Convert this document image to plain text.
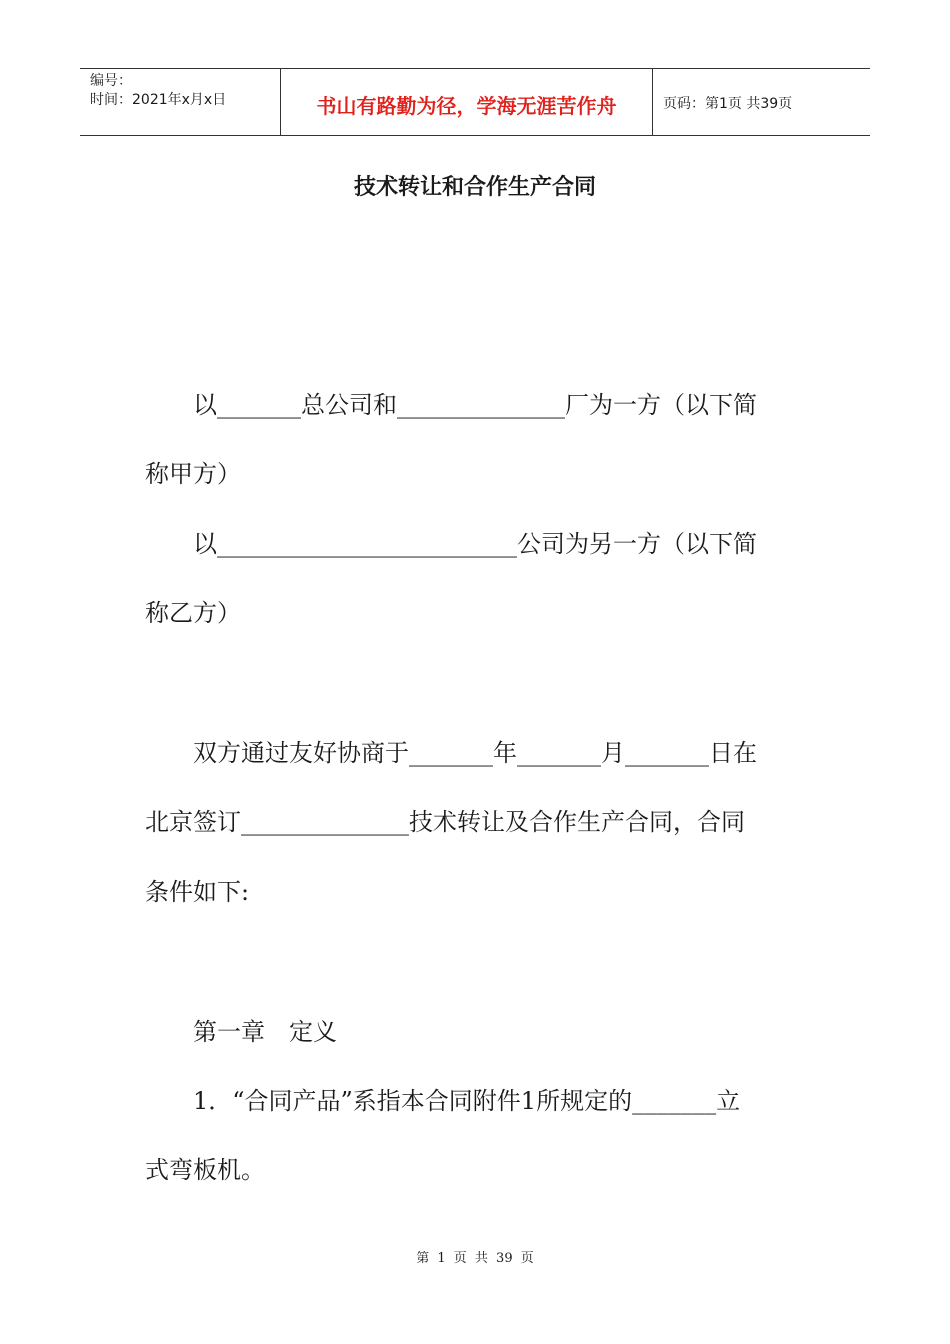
编号：
时间：2021年x月x日	书山有路勤为径，学海无涯苦作舟	页码：第1页 共39页
技术转让和合作生产合同
　　以_______总公司和______________厂为一方（以下简
称甲方）
　　以_________________________公司为另一方（以下简
称乙方）
　　双方通过友好协商于_______年_______月_______日在
北京签订______________技术转让及合作生产合同，合同
条件如下:
　　第一章　定义
　　1．“合同产品”系指本合同附件1所规定的_______立
式弯板机。
第 1 页 共 39 页
